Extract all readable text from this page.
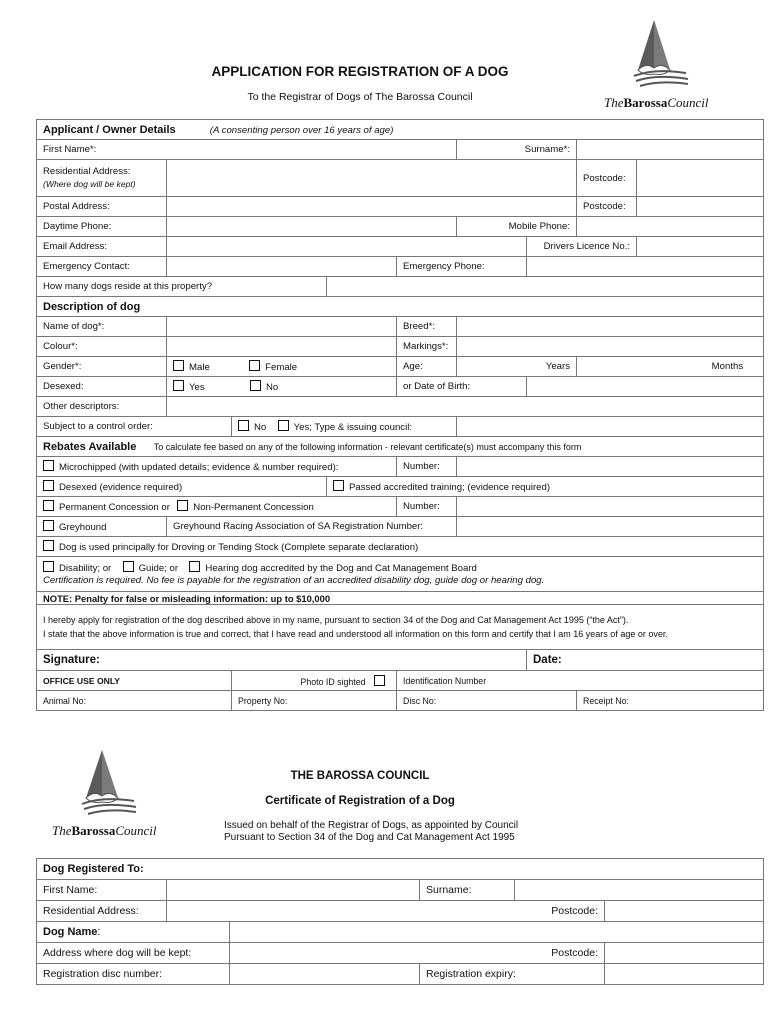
TheBarossaCouncil
APPLICATION FOR REGISTRATION OF A DOG
To the Registrar of Dogs of The Barossa Council
Applicant / Owner Details (A consenting person over 16 years of age)								
First Name*:					Surname*:			

Residential Address:
(Where dog will be kept)							Postcode:	
Postal Address:							Postcode:	
Daytime Phone:					Mobile Phone:			
Email Address:						Drivers Licence No.:		
Emergency Contact:				Emergency Phone:				
How many dogs reside at this property?								
Description of dog								
Name of dog*:				Breed*:				
Colour*:				Markings*:				
Gender*:	Male Female			Age:	Years		Months	
Desexed:	Yes No			or Date of Birth:				
Other descriptors:								
Subject to a control order:		No Yes; Type & issuing council:						
Rebates Available To calculate fee based on any of the following information - relevant certificate(s) must accompany this form								
Microchipped (with updated details; evidence & number required):				Number:				
Desexed (evidence required)			Passed accredited training; (evidence required)					
Permanent Concession or Non-Permanent Concession				Number:				
Greyhound	Greyhound Racing Association of SA Registration Number:							
Dog is used principally for Droving or Tending Stock (Complete separate declaration)								

Disability; or Guide; or Hearing dog accredited by the Dog and Cat Management Board
Certification is required. No fee is payable for the registration of an accredited disability dog, guide dog or hearing dog.								

NOTE: Penalty for false or misleading information: up to $10,000								

I hereby apply for registration of the dog described above in my name, pursuant to section 34 of the Dog and Cat Management Act 1995 (“the Act”).
I state that the above information is true and correct, that I have read and understood all information on this form and certify that I am 16 years of age or over.								

Signature:						Date:		
OFFICE USE ONLY		Photo ID sighted		Identification Number				
Animal No:		Property No:		Disc No:			Receipt No:	
TheBarossaCouncil
THE BAROSSA COUNCIL
Certificate of Registration of a Dog
Issued on behalf of the Registrar of Dogs, as appointed by Council
Pursuant to Section 34 of the Dog and Cat Management Act 1995
Dog Registered To:					
First Name:			Surname:		
Residential Address:	Postcode:				
Dog Name:					
Address where dog will be kept:		Postcode:			
Registration disc number:			Registration expiry:		
